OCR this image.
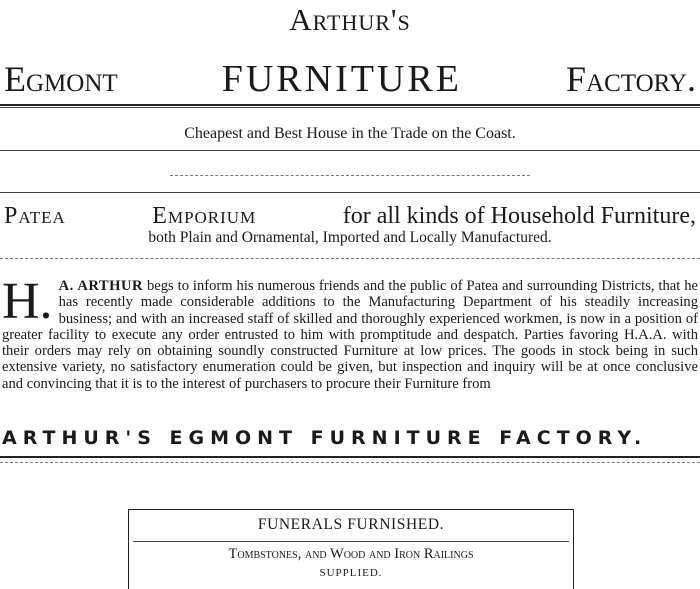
Arthur's
Egmont	FURNITURE	Factory.
Cheapest and Best House in the Trade on the Coast.
Patea	Emporium	for all kinds of Household Furniture,
both Plain and Ornamental, Imported and Locally Manufactured.
H. A. ARTHUR begs to inform his numerous friends and the public of Patea and surrounding Districts, that he has recently made considerable additions to the Manufacturing Department of his steadily increasing business; and with an increased staff of skilled and thoroughly experienced workmen, is now in a position of greater facility to execute any order entrusted to him with promptitude and despatch. Parties favoring H.A.A. with their orders may rely on obtaining soundly constructed Furniture at low prices. The goods in stock being in such extensive variety, no satisfactory enumeration could be given, but inspection and inquiry will be at once conclusive and convincing that it is to the interest of purchasers to procure their Furniture from

ARTHUR'S EGMONT FURNITURE FACTORY.
FUNERALS FURNISHED.
Tombstones, and Wood and Iron Railings
SUPPLIED.
